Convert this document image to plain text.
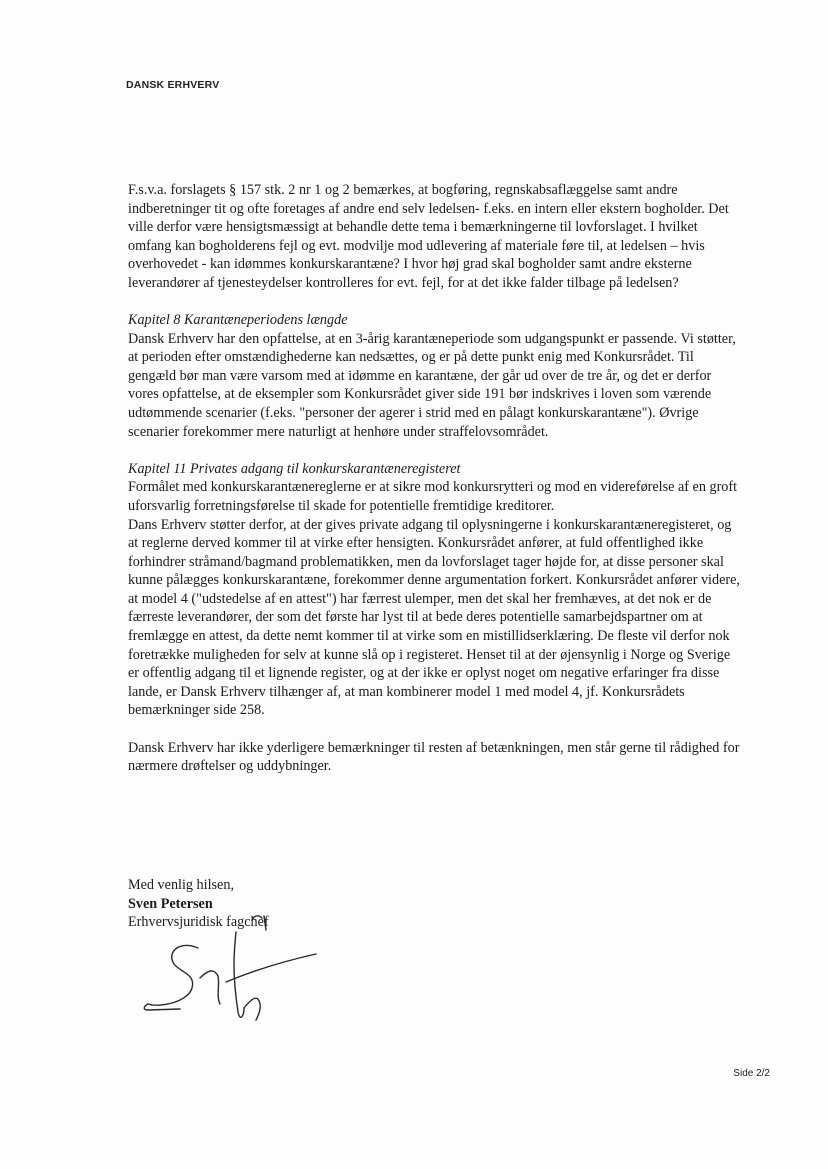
DANSK ERHVERV

F.s.v.a. forslagets § 157 stk. 2 nr 1 og 2 bemærkes, at bogføring, regnskabsaflæggelse samt andre indberetninger tit og ofte foretages af andre end selv ledelsen- f.eks. en intern eller ekstern bogholder. Det ville derfor være hensigtsmæssigt at behandle dette tema i bemærkningerne til lovforslaget. I hvilket omfang kan bogholderens fejl og evt. modvilje mod udlevering af materiale føre til, at ledelsen – hvis overhovedet - kan idømmes konkurskarantæne? I hvor høj grad skal bogholder samt andre eksterne leverandører af tjenesteydelser kontrolleres for evt. fejl, for at det ikke falder tilbage på ledelsen?

Kapitel 8 Karantæneperiodens længde

Dansk Erhverv har den opfattelse, at en 3-årig karantæneperiode som udgangspunkt er passende. Vi støtter, at perioden efter omstændighederne kan nedsættes, og er på dette punkt enig med Konkursrådet. Til gengæld bør man være varsom med at idømme en karantæne, der går ud over de tre år, og det er derfor vores opfattelse, at de eksempler som Konkursrådet giver side 191 bør indskrives i loven som værende udtømmende scenarier (f.eks. "personer der agerer i strid med en pålagt konkurskarantæne"). Øvrige scenarier forekommer mere naturligt at henhøre under straffelovsområdet.

Kapitel 11 Privates adgang til konkurskarantæneregisteret

Formålet med konkurskarantænereglerne er at sikre mod konkursrytteri og mod en videreførelse af en groft uforsvarlig forretningsførelse til skade for potentielle fremtidige kreditorer.

Dans Erhverv støtter derfor, at der gives private adgang til oplysningerne i konkurskarantæneregisteret, og at reglerne derved kommer til at virke efter hensigten. Konkursrådet anfører, at fuld offentlighed ikke forhindrer stråmand/bagmand problematikken, men da lovforslaget tager højde for, at disse personer skal kunne pålægges konkurskarantæne, forekommer denne argumentation forkert. Konkursrådet anfører videre, at model 4 ("udstedelse af en attest") har færrest ulemper, men det skal her fremhæves, at det nok er de færreste leverandører, der som det første har lyst til at bede deres potentielle samarbejdspartner om at fremlægge en attest, da dette nemt kommer til at virke som en mistillidserklæring. De fleste vil derfor nok foretrække muligheden for selv at kunne slå op i registeret. Henset til at der øjensynlig i Norge og Sverige er offentlig adgang til et lignende register, og at der ikke er oplyst noget om negative erfaringer fra disse lande, er Dansk Erhverv tilhænger af, at man kombinerer model 1 med model 4, jf. Konkursrådets bemærkninger side 258.

Dansk Erhverv har ikke yderligere bemærkninger til resten af betænkningen, men står gerne til rådighed for nærmere drøftelser og uddybninger.

Med venlig hilsen,
Sven Petersen
Erhvervsjuridisk fagchef
Side 2/2
